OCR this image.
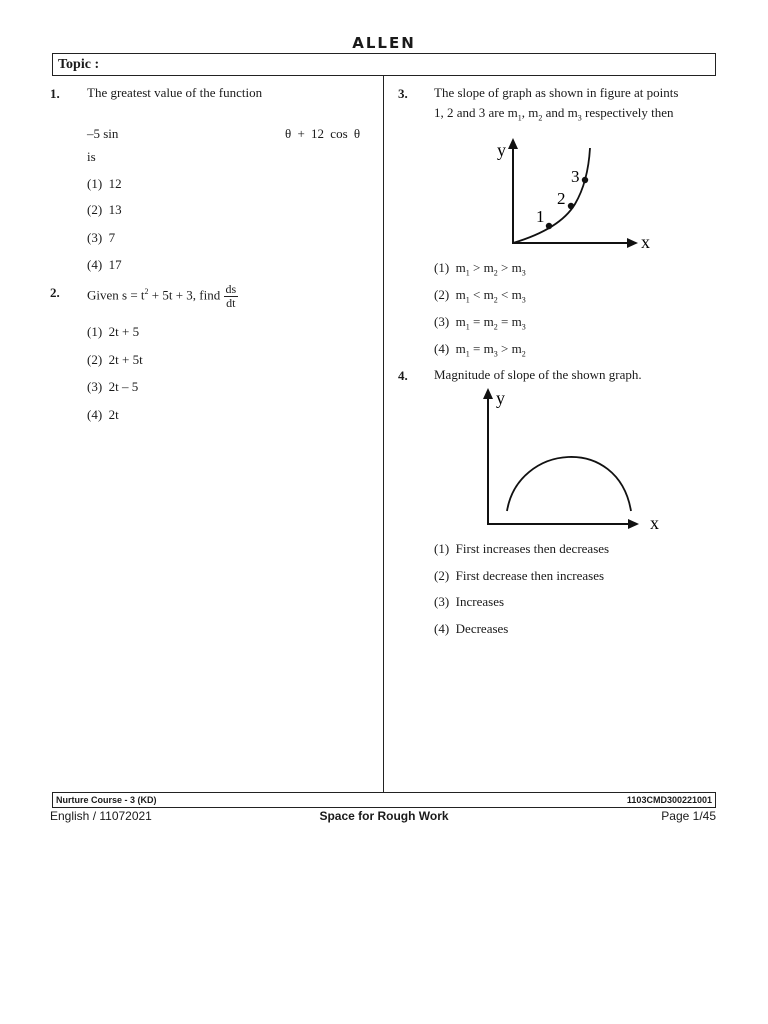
ALLEN
Topic :
1. The greatest value of the function
–5 sin	θ + 12 cos θ
is
(1) 12
(2) 13
(3) 7
(4) 17
2. Given $s = t^2 + 5t + 3$, find $\frac{ds}{dt}$
(1) 2t + 5
(2) 2t + 5t
(3) 2t – 5
(4) 2t
3. The slope of graph as shown in figure at points
1, 2 and 3 are $m_1$, $m_2$ and $m_3$ respectively then
y
x
1
2
3
(1) $m_1 > m_2 > m_3$
(2) $m_1 < m_2 < m_3$
(3) $m_1 = m_2 = m_3$
(4) $m_1 = m_3 > m_2$
4. Magnitude of slope of the shown graph.
y
x
(1) First increases then decreases
(2) First decrease then increases
(3) Increases
(4) Decreases
Nurture Course - 3 (KD)	1103CMD300221001
English / 11072021	Space for Rough Work	Page 1/45
